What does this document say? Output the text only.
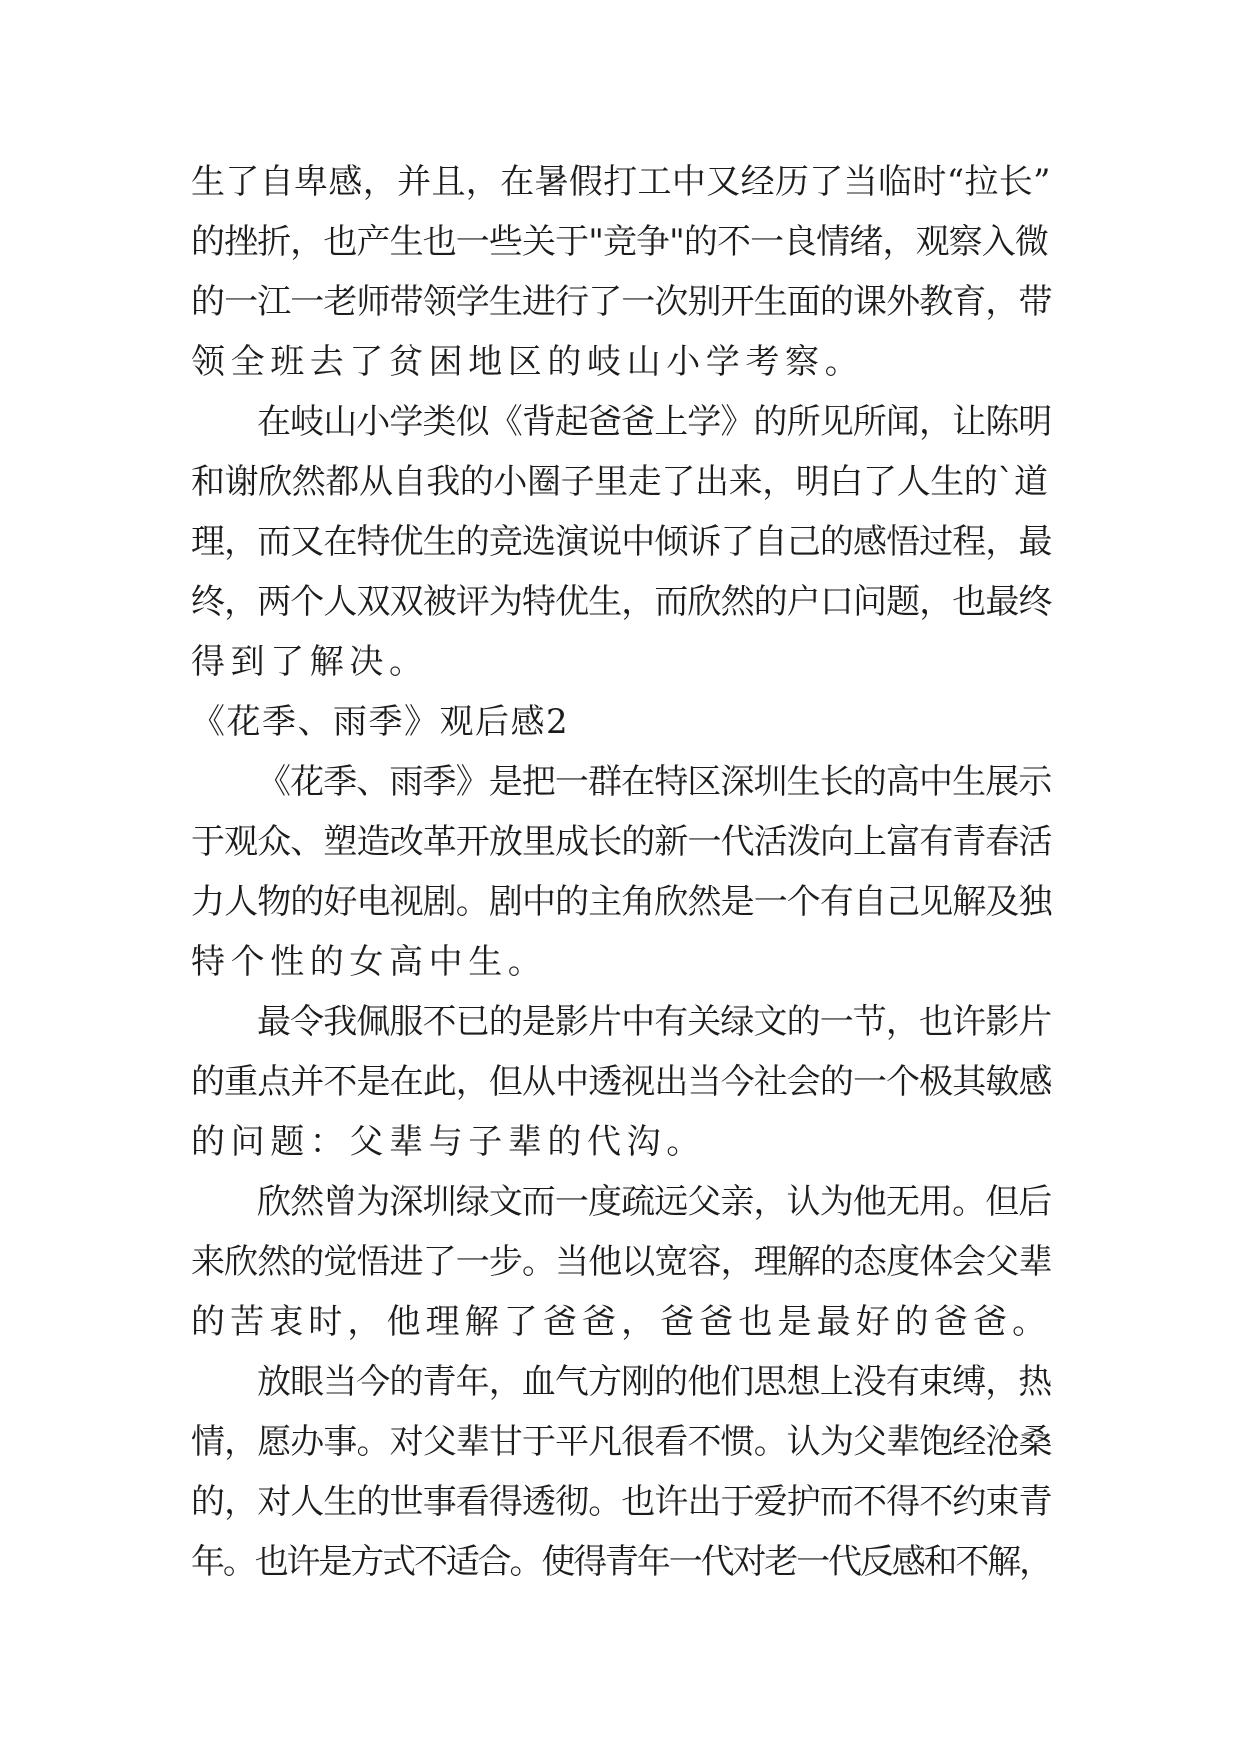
生了自卑感，并且，在暑假打工中又经历了当临时“拉长”
的挫折，也产生也一些关于"竞争"的不一良情绪，观察入微
的一江一老师带领学生进行了一次别开生面的课外教育，带
领全班去了贫困地区的岐山小学考察。
在岐山小学类似《背起爸爸上学》的所见所闻，让陈明
和谢欣然都从自我的小圈子里走了出来，明白了人生的`道
理，而又在特优生的竞选演说中倾诉了自己的感悟过程，最
终，两个人双双被评为特优生，而欣然的户口问题，也最终
得到了解决。
《花季、雨季》观后感2
《花季、雨季》是把一群在特区深圳生长的高中生展示
于观众、塑造改革开放里成长的新一代活泼向上富有青春活
力人物的好电视剧。剧中的主角欣然是一个有自己见解及独
特个性的女高中生。
最令我佩服不已的是影片中有关绿文的一节，也许影片
的重点并不是在此，但从中透视出当今社会的一个极其敏感
的问题：父辈与子辈的代沟。
欣然曾为深圳绿文而一度疏远父亲，认为他无用。但后
来欣然的觉悟进了一步。当他以宽容，理解的态度体会父辈
的苦衷时，他理解了爸爸，爸爸也是最好的爸爸。
放眼当今的青年，血气方刚的他们思想上没有束缚，热
情，愿办事。对父辈甘于平凡很看不惯。认为父辈饱经沧桑
的，对人生的世事看得透彻。也许出于爱护而不得不约束青
年。也许是方式不适合。使得青年一代对老一代反感和不解，
